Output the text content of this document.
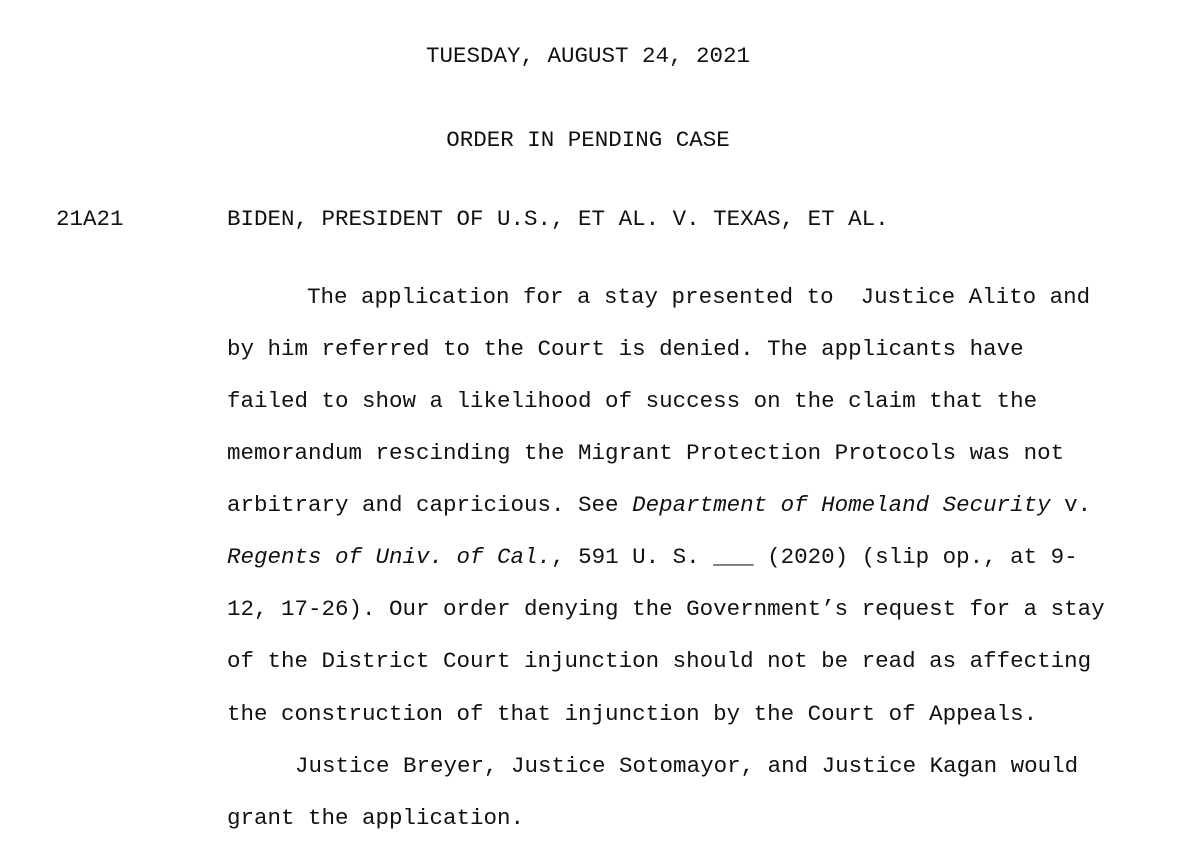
TUESDAY, AUGUST 24, 2021
ORDER IN PENDING CASE
21A21	BIDEN, PRESIDENT OF U.S., ET AL. V. TEXAS, ET AL.
The application for a stay presented to  Justice Alito and
by him referred to the Court is denied. The applicants have
failed to show a likelihood of success on the claim that the
memorandum rescinding the Migrant Protection Protocols was not
arbitrary and capricious. See Department of Homeland Security v.
Regents of Univ. of Cal., 591 U. S. ___ (2020) (slip op., at 9-
12, 17-26). Our order denying the Government’s request for a stay
of the District Court injunction should not be read as affecting
the construction of that injunction by the Court of Appeals.
Justice Breyer, Justice Sotomayor, and Justice Kagan would
grant the application.
